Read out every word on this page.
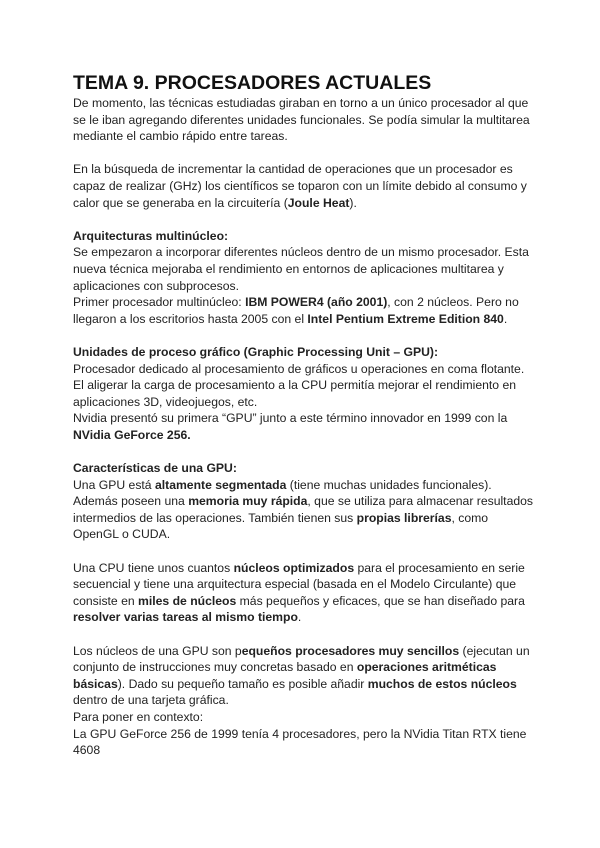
TEMA 9. PROCESADORES ACTUALES

De momento, las técnicas estudiadas giraban en torno a un único procesador al que se le iban agregando diferentes unidades funcionales. Se podía simular la multitarea mediante el cambio rápido entre tareas.

En la búsqueda de incrementar la cantidad de operaciones que un procesador es capaz de realizar (GHz) los científicos se toparon con un límite debido al consumo y calor que se generaba en la circuitería (Joule Heat).

Arquitecturas multinúcleo:

Se empezaron a incorporar diferentes núcleos dentro de un mismo procesador. Esta nueva técnica mejoraba el rendimiento en entornos de aplicaciones multitarea y aplicaciones con subprocesos.

Primer procesador multinúcleo: IBM POWER4 (año 2001), con 2 núcleos. Pero no llegaron a los escritorios hasta 2005 con el Intel Pentium Extreme Edition 840.

Unidades de proceso gráfico (Graphic Processing Unit – GPU):

Procesador dedicado al procesamiento de gráficos u operaciones en coma flotante.

El aligerar la carga de procesamiento a la CPU permitía mejorar el rendimiento en aplicaciones 3D, videojuegos, etc.

Nvidia presentó su primera “GPU” junto a este término innovador en 1999 con la NVidia GeForce 256.

Características de una GPU:

Una GPU está altamente segmentada (tiene muchas unidades funcionales). Además poseen una memoria muy rápida, que se utiliza para almacenar resultados intermedios de las operaciones. También tienen sus propias librerías, como OpenGL o CUDA.

Una CPU tiene unos cuantos núcleos optimizados para el procesamiento en serie secuencial y tiene una arquitectura especial (basada en el Modelo Circulante) que consiste en miles de núcleos más pequeños y eficaces, que se han diseñado para resolver varias tareas al mismo tiempo.

Los núcleos de una GPU son pequeños procesadores muy sencillos (ejecutan un conjunto de instrucciones muy concretas basado en operaciones aritméticas básicas). Dado su pequeño tamaño es posible añadir muchos de estos núcleos dentro de una tarjeta gráfica.

Para poner en contexto:

La GPU GeForce 256 de 1999 tenía 4 procesadores, pero la NVidia Titan RTX tiene 4608
